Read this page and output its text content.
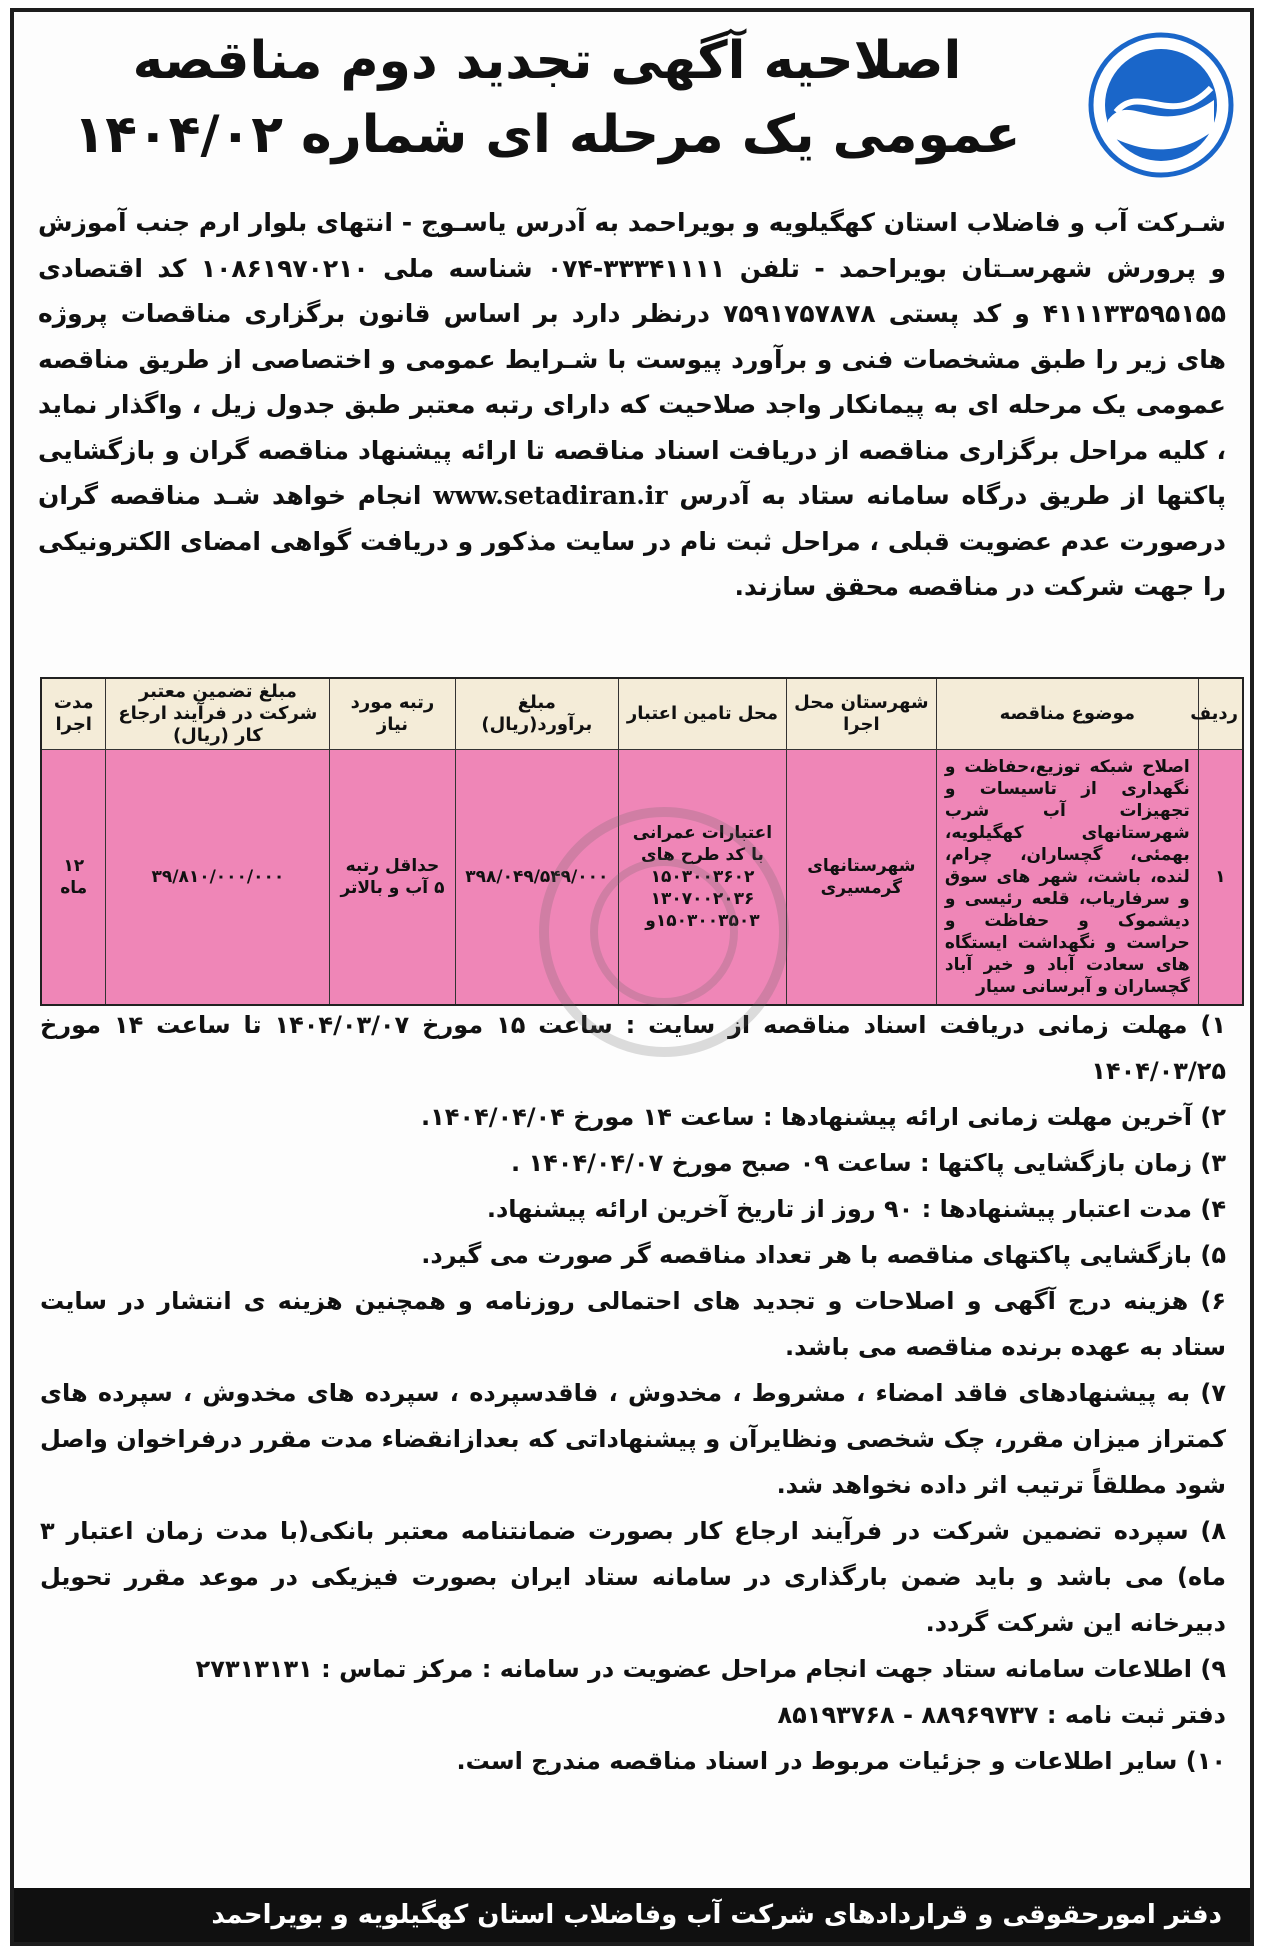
اصلاحیه آگهی تجدید دوم مناقصه
عمومی یک مرحله ای شماره ۱۴۰۴/۰۲
شـرکت آب و فاضلاب استان کهگیلویه و بویراحمد به آدرس یاسـوج - انتهای بلوار ارم جنب آموزش و پرورش شهرسـتان بویراحمد - تلفن ۳۳۳۴۱۱۱۱-۰۷۴ شناسه ملی ۱۰۸۶۱۹۷۰۲۱۰ کد اقتصادی ۴۱۱۱۳۳۵۹۵۱۵۵ و کد پستی ۷۵۹۱۷۵۷۸۷۸ درنظر دارد بر اساس قانون برگزاری مناقصات پروژه های زیر را طبق مشخصات فنی و برآورد پیوست با شـرایط عمومی و اختصاصی از طریق مناقصه عمومی یک مرحله ای به پیمانکار واجد صلاحیت که دارای رتبه معتبر طبق جدول زیل ، واگذار نماید ، کلیه مراحل برگزاری مناقصه از دریافت اسناد مناقصه تا ارائه پیشنهاد مناقصه گران و بازگشایی پاکتها از طریق درگاه سامانه ستاد به آدرس www.setadiran.ir انجام خواهد شـد مناقصه گران درصورت عدم عضویت قبلی ، مراحل ثبت نام در سایت مذکور و دریافت گواهی امضای الکترونیکی را جهت شرکت در مناقصه محقق سازند.
ردیف	موضوع مناقصه	شهرستان محل اجرا	محل تامین اعتبار	مبلغ برآورد(ریال)	رتبه مورد نیاز	مبلغ تضمین معتبر شرکت در فرآیند ارجاع کار (ریال)	مدت اجرا
۱	اصلاح شبکه توزیع،حفاظت و نگهداری از تاسیسات و تجهیزات آب شرب شهرستانهای کهگیلویه، بهمئی، گچساران، چرام، لنده، باشت، شهر های سوق و سرفاریاب، قلعه رئیسی و دیشموک و حفاظت و حراست و نگهداشت ایستگاه های سعادت آباد و خیر آباد گچساران و آبرسانی سیار	شهرستانهای گرمسیری	اعتبارات عمرانی با کد طرح های ۱۵۰۳۰۰۳۶۰۲ ۱۳۰۷۰۰۲۰۳۶ ۱۵۰۳۰۰۳۵۰۳و	۳۹۸/۰۴۹/۵۴۹/۰۰۰	حداقل رتبه ۵ آب و بالاتر	۳۹/۸۱۰/۰۰۰/۰۰۰	۱۲ ماه

۱) مهلت زمانی دریافت اسناد مناقصه از سایت : ساعت ۱۵ مورخ ۱۴۰۴/۰۳/۰۷ تا ساعت ۱۴ مورخ ۱۴۰۴/۰۳/۲۵

۲) آخرین مهلت زمانی ارائه پیشنهادها : ساعت ۱۴ مورخ ۱۴۰۴/۰۴/۰۴.

۳) زمان بازگشایی پاکتها : ساعت ۰۹ صبح مورخ ۱۴۰۴/۰۴/۰۷ .

۴) مدت اعتبار پیشنهادها : ۹۰ روز از تاریخ آخرین ارائه پیشنهاد.

۵) بازگشایی پاکتهای مناقصه با هر تعداد مناقصه گر صورت می گیرد.

۶) هزینه درج آگهی و اصلاحات و تجدید های احتمالی روزنامه و همچنین هزینه ی انتشار در سایت ستاد به عهده برنده مناقصه می باشد.

۷) به پیشنهادهای فاقد امضاء ، مشروط ، مخدوش ، فاقدسپرده ، سپرده های مخدوش ، سپرده های کمتراز میزان مقرر، چک شخصی ونظایرآن و پیشنهاداتی که بعدازانقضاء مدت مقرر درفراخوان واصل شود مطلقاً ترتیب اثر داده نخواهد شد.

۸) سپرده تضمین شرکت در فرآیند ارجاع کار بصورت ضمانتنامه معتبر بانکی(با مدت زمان اعتبار ۳ ماه) می باشد و باید ضمن بارگذاری در سامانه ستاد ایران بصورت فیزیکی در موعد مقرر تحویل دبیرخانه این شرکت گردد.

۹) اطلاعات سامانه ستاد جهت انجام مراحل عضویت در سامانه : مرکز تماس : ۲۷۳۱۳۱۳۱

دفتر ثبت نامه : ۸۸۹۶۹۷۳۷ - ۸۵۱۹۳۷۶۸

۱۰) سایر اطلاعات و جزئیات مربوط در اسناد مناقصه مندرج است.

دفتر امورحقوقی و قراردادهای شرکت آب وفاضلاب استان کهگیلویه و بویراحمد
